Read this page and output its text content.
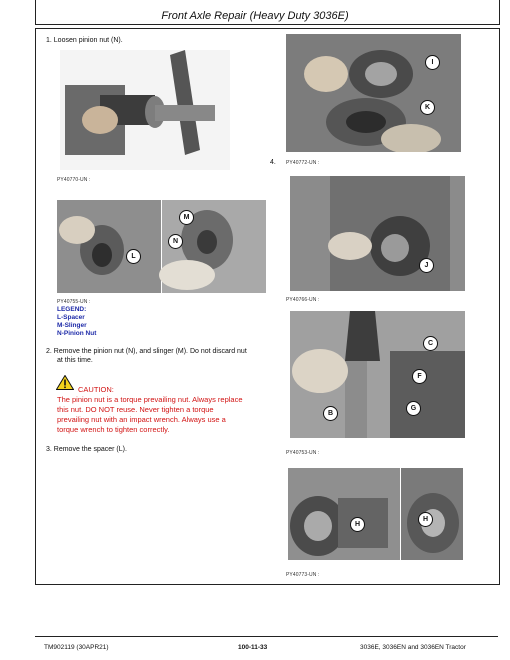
Front Axle Repair (Heavy Duty 3036E)
1. Loosen pinion nut (N).
PY40770-UN :
PY40755-UN :
LEGEND:
L-Spacer
M-Slinger
N-Pinion Nut
2. Remove the pinion nut (N), and slinger (M). Do not discard nut
at this time.
CAUTION:
The pinion nut is a torque prevailing nut. Always replace
this nut. DO NOT reuse. Never tighten a torque
prevailing nut with an impact wrench. Always use a
torque wrench to tighten correctly.
3. Remove the spacer (L).
4. PY40772-UN :
PY40766-UN :
PY40753-UN :
PY40773-UN :
I
K
M
N
L
J
C
F
B
G
H
H
TM902119 (30APR21)	100-11-33	3036E, 3036EN and 3036EN Tractor
